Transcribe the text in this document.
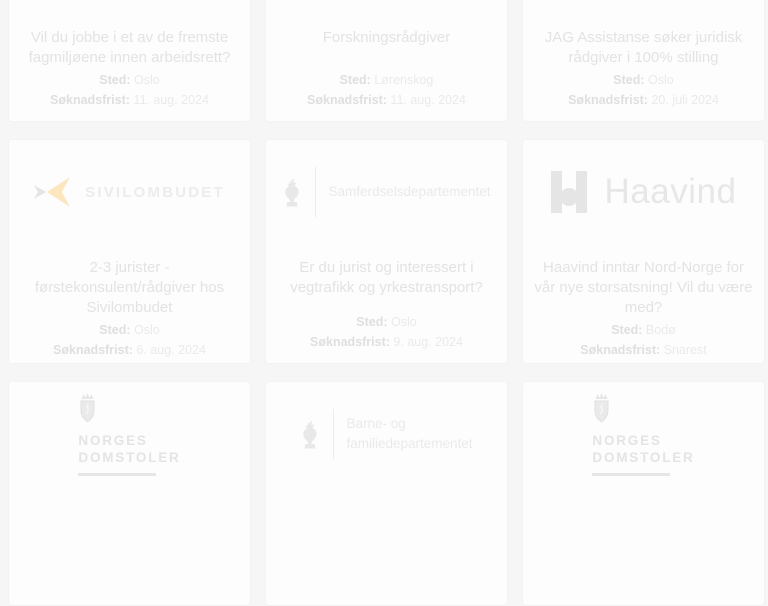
Vil du jobbe i et av de fremste fagmiljøene innen arbeidsrett?
Sted: Oslo
Søknadsfrist: 11. aug. 2024
Forskningsrådgiver
Sted: Lørenskog
Søknadsfrist: 11. aug. 2024
JAG Assistanse søker juridisk rådgiver i 100% stilling
Sted: Oslo
Søknadsfrist: 20. juli 2024
SIVILOMBUDET
2-3 jurister - førstekonsulent/rådgiver hos Sivilombudet
Sted: Oslo
Søknadsfrist: 6. aug. 2024
Samferdselsdepartementet
Er du jurist og interessert i vegtrafikk og yrkestransport?
Sted: Oslo
Søknadsfrist: 9. aug. 2024
Haavind
Haavind inntar Nord-Norge for vår nye storsatsning! Vil du være med?
Sted: Bodø
Søknadsfrist: Snarest
NORGES
DOMSTOLER
Barne- og
familiedepartementet	NORGES
DOMSTOLER
